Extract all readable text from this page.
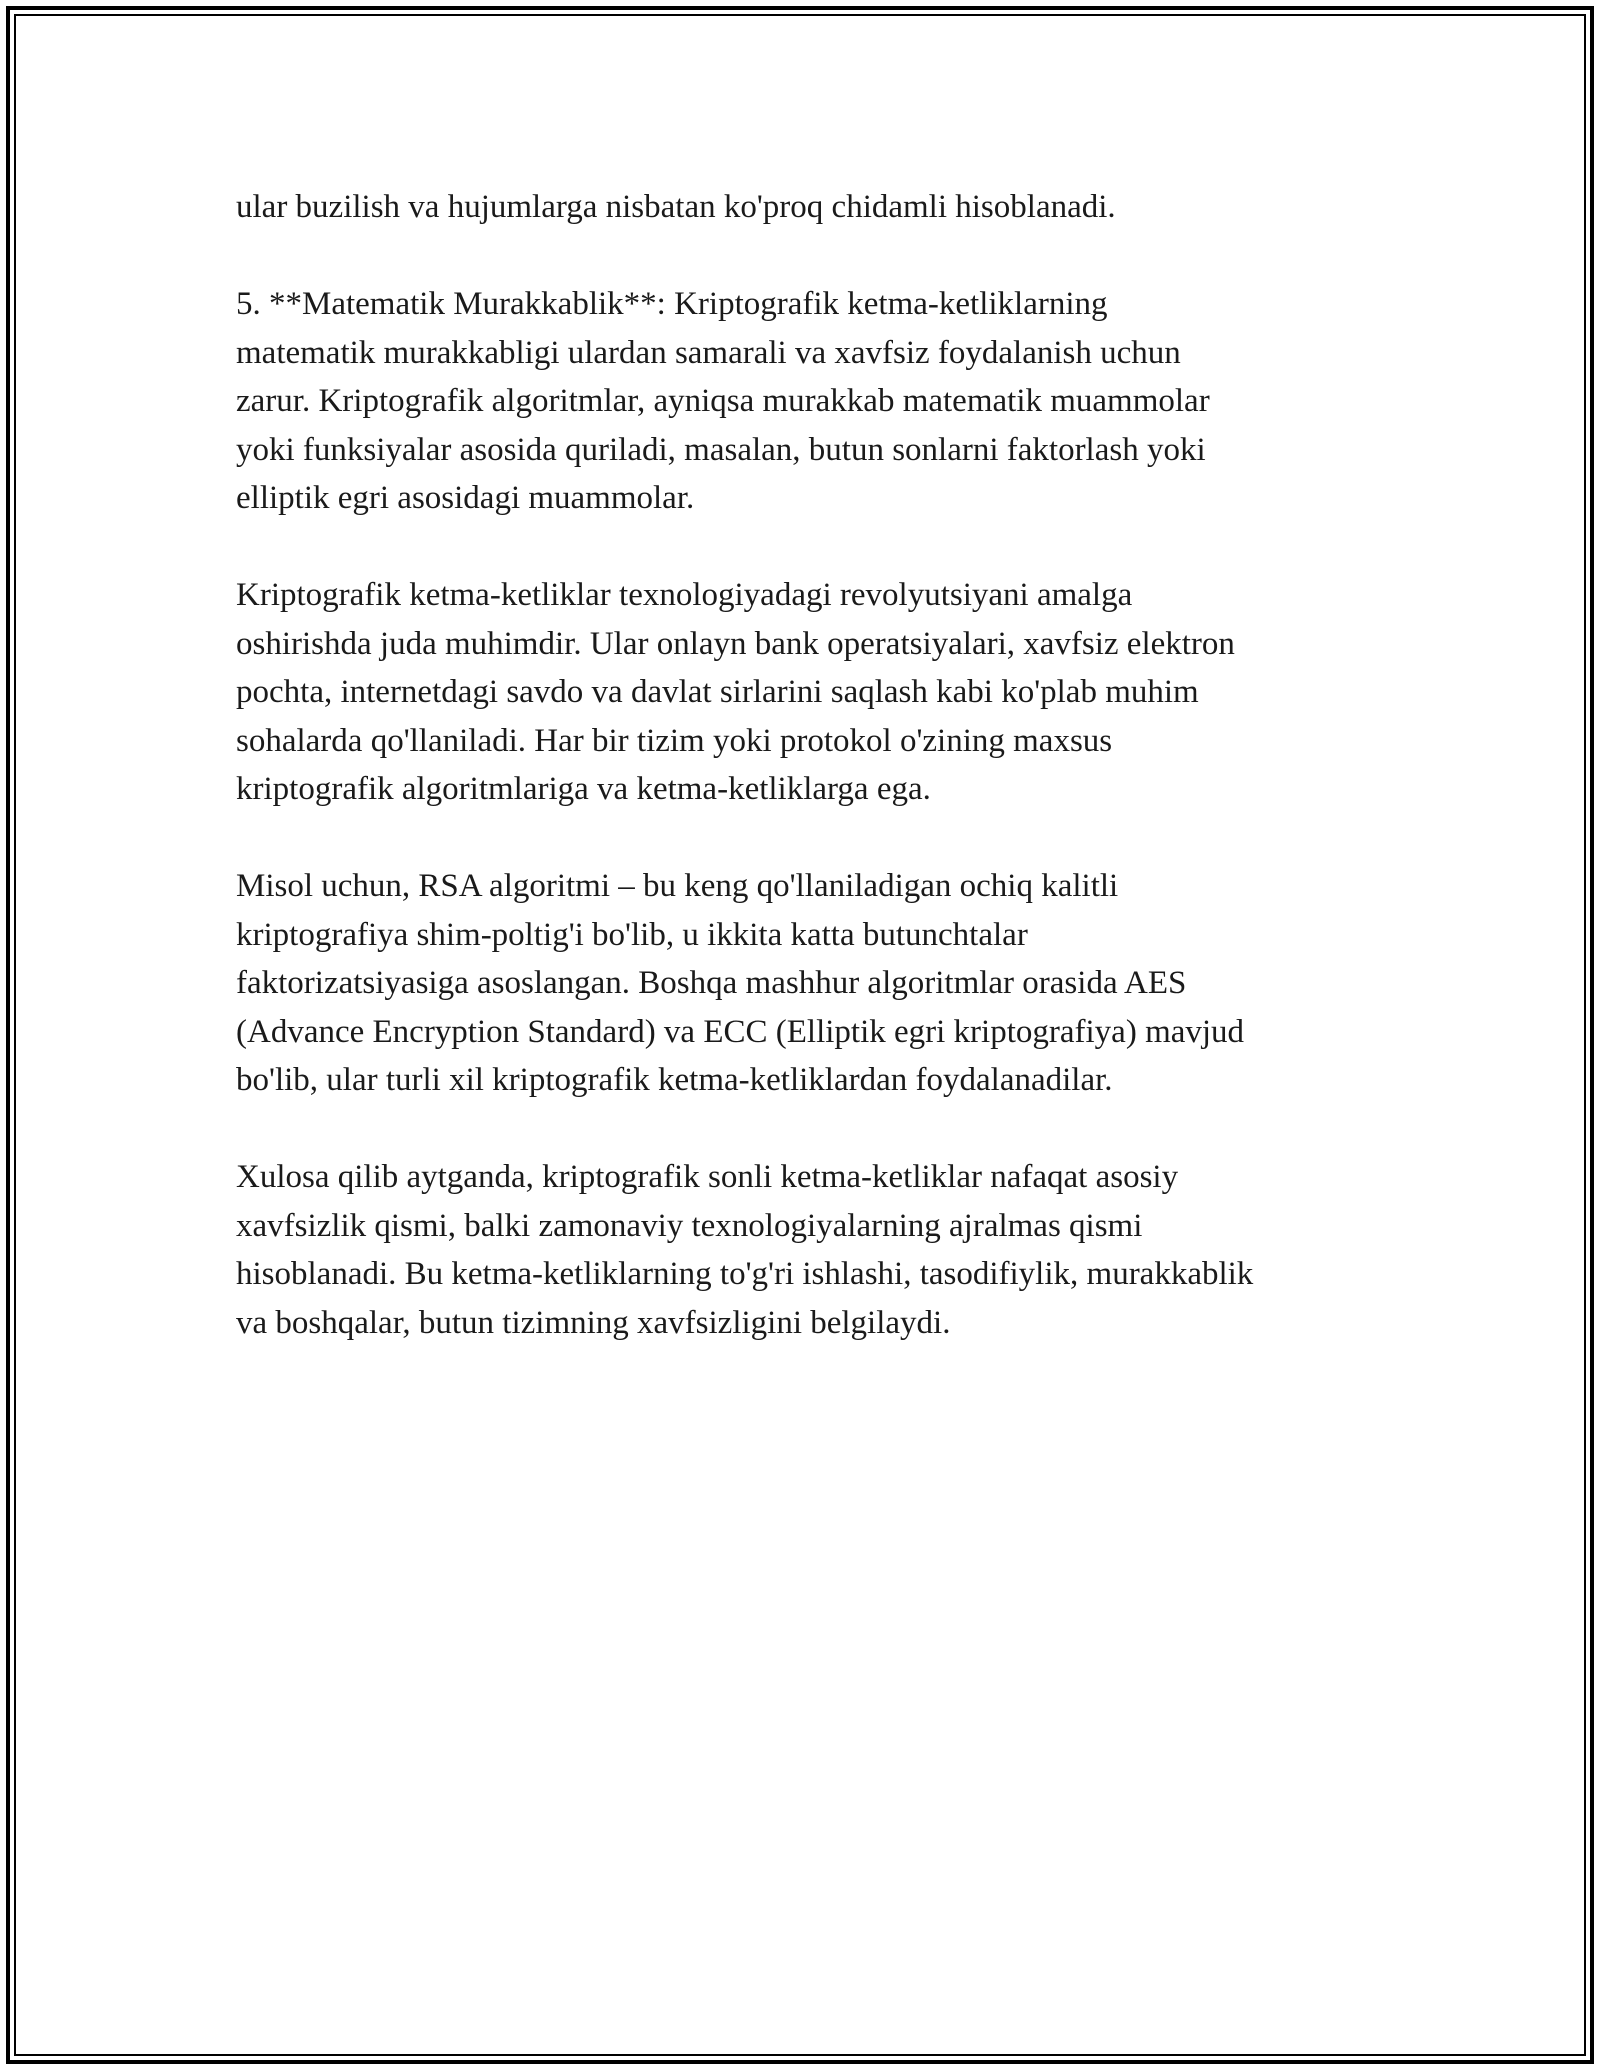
ular buzilish va hujumlarga nisbatan ko'proq chidamli hisoblanadi.

5. **Matematik Murakkablik**: Kriptografik ketma-ketliklarning
matematik murakkabligi ulardan samarali va xavfsiz foydalanish uchun
zarur. Kriptografik algoritmlar, ayniqsa murakkab matematik muammolar
yoki funksiyalar asosida quriladi, masalan, butun sonlarni faktorlash yoki
elliptik egri asosidagi muammolar.

Kriptografik ketma-ketliklar texnologiyadagi revolyutsiyani amalga
oshirishda juda muhimdir. Ular onlayn bank operatsiyalari, xavfsiz elektron
pochta, internetdagi savdo va davlat sirlarini saqlash kabi ko'plab muhim
sohalarda qo'llaniladi. Har bir tizim yoki protokol o'zining maxsus
kriptografik algoritmlariga va ketma-ketliklarga ega.

Misol uchun, RSA algoritmi – bu keng qo'llaniladigan ochiq kalitli
kriptografiya shim-poltig'i bo'lib, u ikkita katta butunchtalar
faktorizatsiyasiga asoslangan. Boshqa mashhur algoritmlar orasida AES
(Advance Encryption Standard) va ECC (Elliptik egri kriptografiya) mavjud
bo'lib, ular turli xil kriptografik ketma-ketliklardan foydalanadilar.

Xulosa qilib aytganda, kriptografik sonli ketma-ketliklar nafaqat asosiy
xavfsizlik qismi, balki zamonaviy texnologiyalarning ajralmas qismi
hisoblanadi. Bu ketma-ketliklarning to'g'ri ishlashi, tasodifiylik, murakkablik
va boshqalar, butun tizimning xavfsizligini belgilaydi.
